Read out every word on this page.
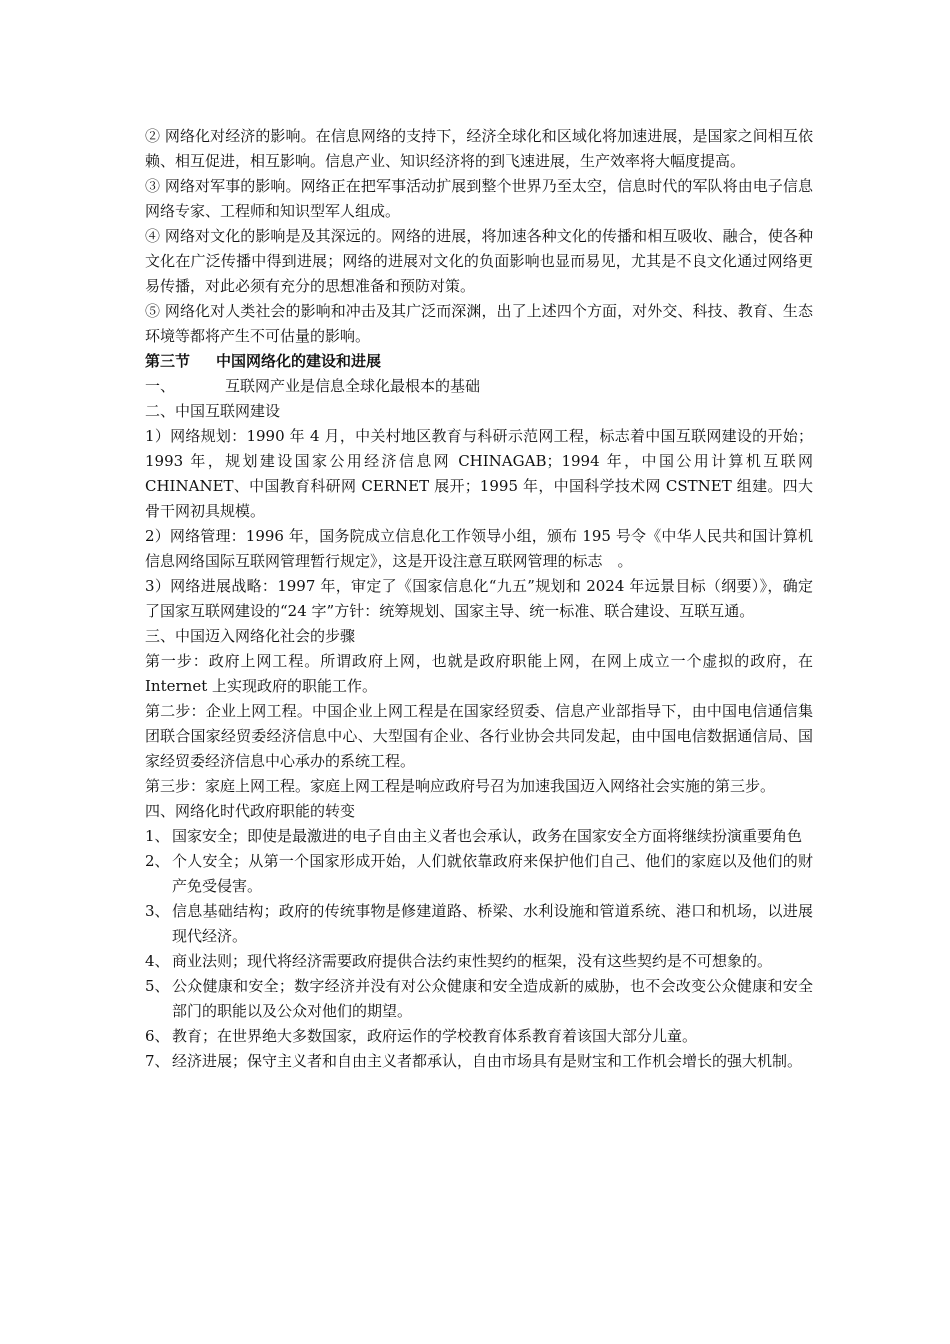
② 网络化对经济的影响。在信息网络的支持下，经济全球化和区域化将加速进展，是国家之间相互依赖、相互促进，相互影响。信息产业、知识经济将的到飞速进展，生产效率将大幅度提高。

③ 网络对军事的影响。网络正在把军事活动扩展到整个世界乃至太空，信息时代的军队将由电子信息网络专家、工程师和知识型军人组成。

④ 网络对文化的影响是及其深远的。网络的进展，将加速各种文化的传播和相互吸收、融合，使各种文化在广泛传播中得到进展；网络的进展对文化的负面影响也显而易见，尤其是不良文化通过网络更易传播，对此必须有充分的思想准备和预防对策。

⑤ 网络化对人类社会的影响和冲击及其广泛而深渊，出了上述四个方面，对外交、科技、教育、生态环境等都将产生不可估量的影响。

第三节 中国网络化的建设和进展

一、	互联网产业是信息全球化最根本的基础

二、中国互联网建设

1）网络规划：1990 年 4 月，中关村地区教育与科研示范网工程，标志着中国互联网建设的开始；1993 年，规划建设国家公用经济信息网 CHINAGAB；1994 年，中国公用计算机互联网 CHINANET、中国教育科研网 CERNET 展开；1995 年，中国科学技术网 CSTNET 组建。四大骨干网初具规模。

2）网络管理：1996 年，国务院成立信息化工作领导小组，颁布 195 号令《中华人民共和国计算机信息网络国际互联网管理暂行规定》，这是开设注意互联网管理的标志　。

3）网络进展战略：1997 年，审定了《国家信息化“九五”规划和 2024 年远景目标（纲要）》，确定了国家互联网建设的“24 字”方针：统筹规划、国家主导、统一标准、联合建设、互联互通。

三、中国迈入网络化社会的步骤

第一步：政府上网工程。所谓政府上网，也就是政府职能上网，在网上成立一个虚拟的政府，在 Internet 上实现政府的职能工作。

第二步：企业上网工程。中国企业上网工程是在国家经贸委、信息产业部指导下，由中国电信通信集团联合国家经贸委经济信息中心、大型国有企业、各行业协会共同发起，由中国电信数据通信局、国家经贸委经济信息中心承办的系统工程。

第三步：家庭上网工程。家庭上网工程是响应政府号召为加速我国迈入网络社会实施的第三步。

四、网络化时代政府职能的转变

1、 国家安全；即使是最激进的电子自由主义者也会承认，政务在国家安全方面将继续扮演重要角色
2、 个人安全；从第一个国家形成开始，人们就依靠政府来保护他们自己、他们的家庭以及他们的财产免受侵害。
3、 信息基础结构；政府的传统事物是修建道路、桥梁、水利设施和管道系统、港口和机场，以进展现代经济。
4、 商业法则；现代将经济需要政府提供合法约束性契约的框架，没有这些契约是不可想象的。
5、 公众健康和安全；数字经济并没有对公众健康和安全造成新的威胁，也不会改变公众健康和安全部门的职能以及公众对他们的期望。
6、 教育；在世界绝大多数国家，政府运作的学校教育体系教育着该国大部分儿童。
7、 经济进展；保守主义者和自由主义者都承认，自由市场具有是财宝和工作机会增长的强大机制。
